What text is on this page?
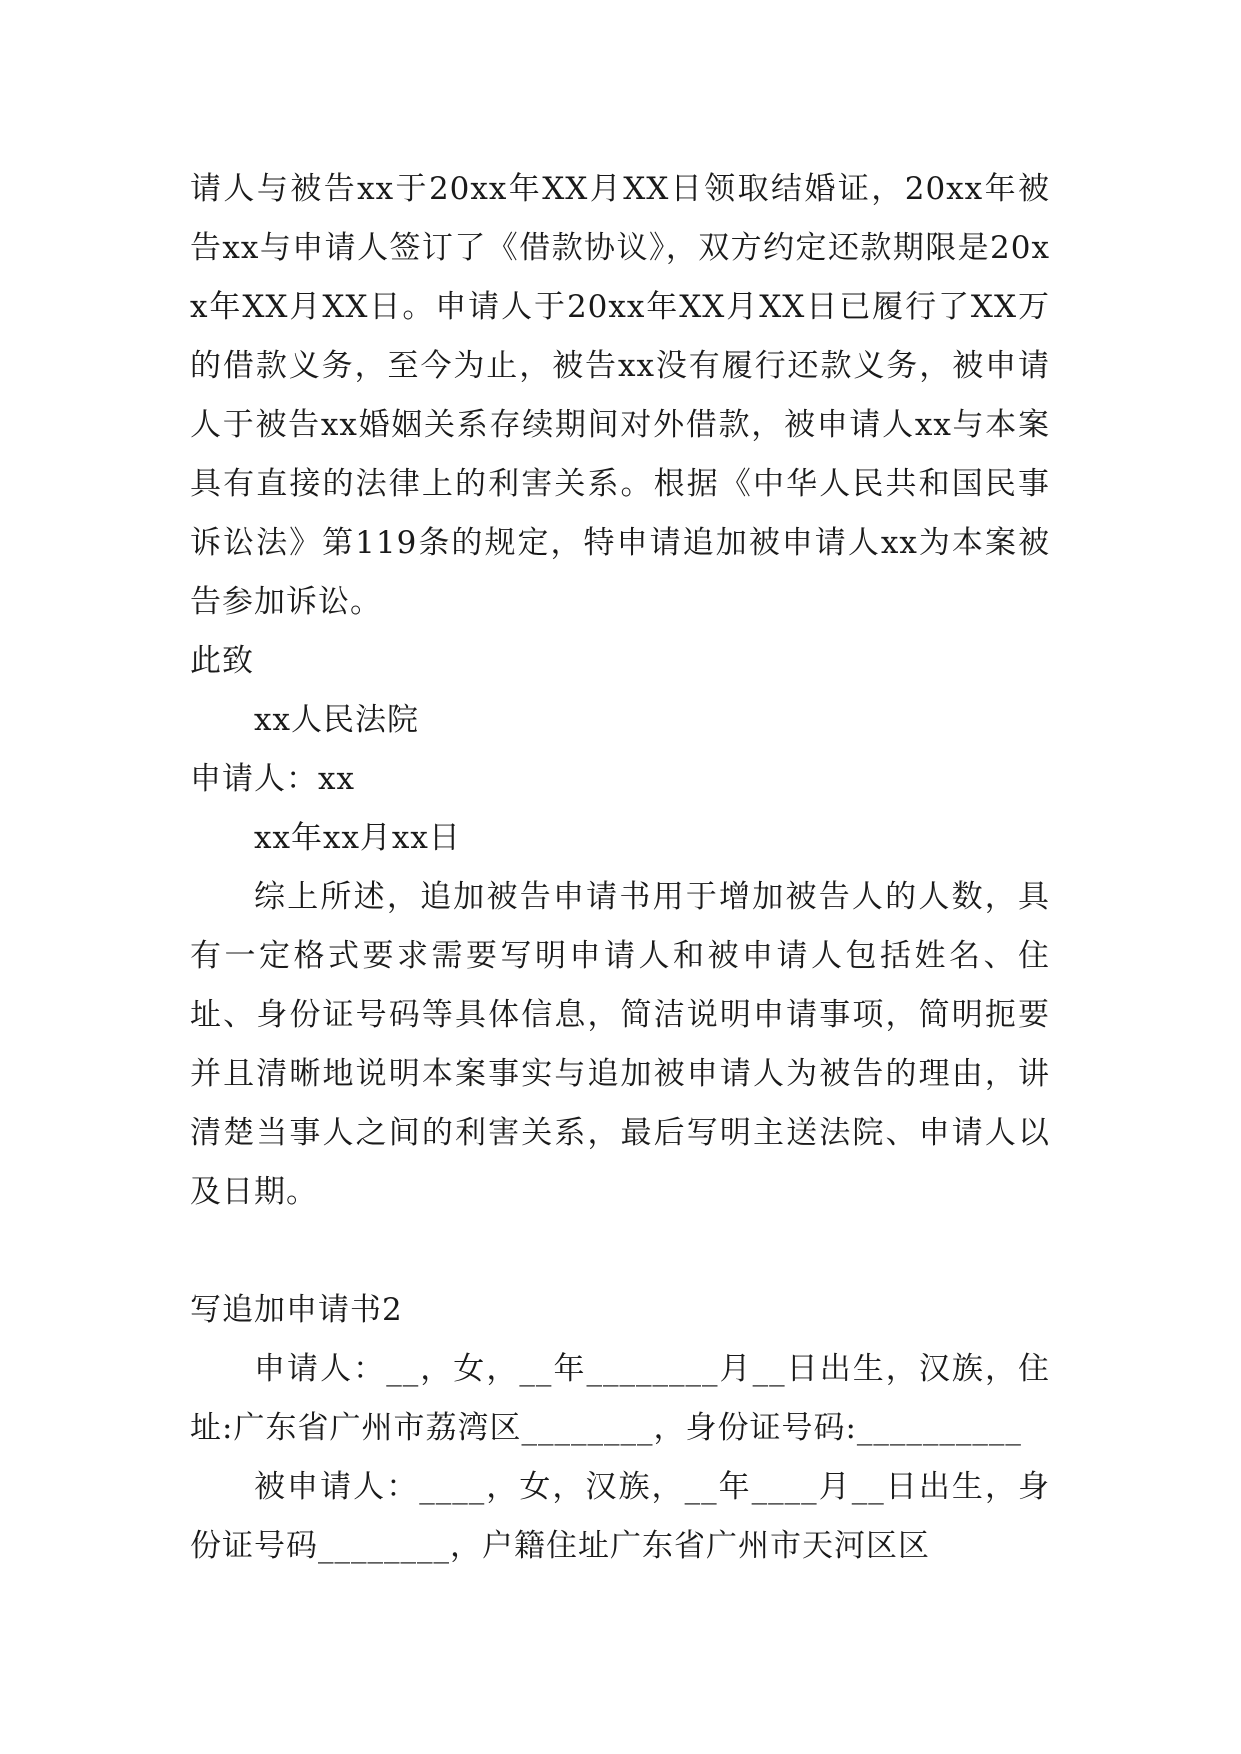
请人与被告xx于20xx年XX月XX日领取结婚证，20xx年被告xx与申请人签订了《借款协议》，双方约定还款期限是20xx年XX月XX日。申请人于20xx年XX月XX日已履行了XX万的借款义务，至今为止，被告xx没有履行还款义务，被申请人于被告xx婚姻关系存续期间对外借款，被申请人xx与本案具有直接的法律上的利害关系。根据《中华人民共和国民事诉讼法》第119条的规定，特申请追加被申请人xx为本案被告参加诉讼。

此致

xx人民法院

申请人：xx

xx年xx月xx日

综上所述，追加被告申请书用于增加被告人的人数，具有一定格式要求需要写明申请人和被申请人包括姓名、住址、身份证号码等具体信息，简洁说明申请事项，简明扼要并且清晰地说明本案事实与追加被申请人为被告的理由，讲清楚当事人之间的利害关系，最后写明主送法院、申请人以及日期。

写追加申请书2

申请人：__，女，__年________月__日出生，汉族，住址:广东省广州市荔湾区________，身份证号码:__________

被申请人：____，女，汉族，__年____月__日出生，身份证号码________，户籍住址广东省广州市天河区区
